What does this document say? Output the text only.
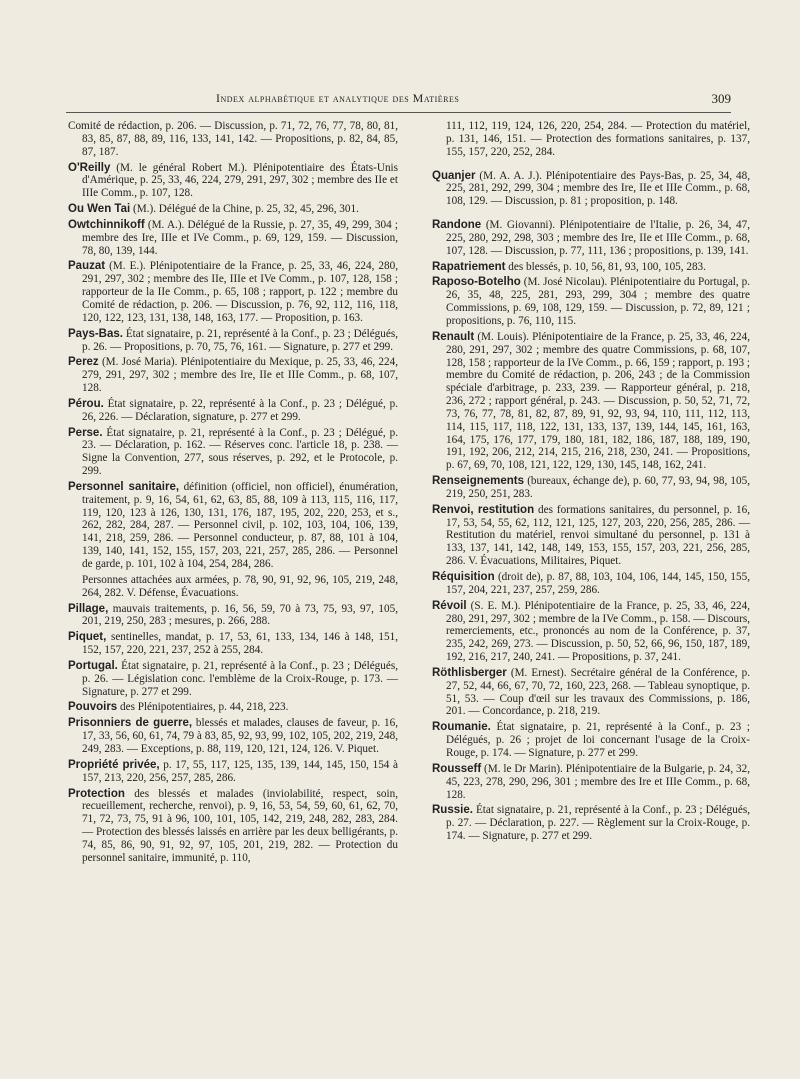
Index alphabétique et analytique des Matières	309

Comité de rédaction, p. 206. — Discussion, p. 71, 72, 76, 77, 78, 80, 81, 83, 85, 87, 88, 89, 116, 133, 141, 142. — Propositions, p. 82, 84, 85, 87, 187.

O'Reilly (M. le général Robert M.). Plénipotentiaire des États-Unis d'Amérique, p. 25, 33, 46, 224, 279, 291, 297, 302 ; membre des IIe et IIIe Comm., p. 107, 128.

Ou Wen Tai (M.). Délégué de la Chine, p. 25, 32, 45, 296, 301.

Owtchinnikoff (M. A.). Délégué de la Russie, p. 27, 35, 49, 299, 304 ; membre des Ire, IIIe et IVe Comm., p. 69, 129, 159. — Discussion, 78, 80, 139, 144.

Pauzat (M. E.). Plénipotentiaire de la France, p. 25, 33, 46, 224, 280, 291, 297, 302 ; membre des IIe, IIIe et IVe Comm., p. 107, 128, 158 ; rapporteur de la IIe Comm., p. 65, 108 ; rapport, p. 122 ; membre du Comité de rédaction, p. 206. — Discussion, p. 76, 92, 112, 116, 118, 120, 122, 123, 131, 138, 148, 163, 177. — Proposition, p. 163.

Pays-Bas. État signataire, p. 21, représenté à la Conf., p. 23 ; Délégués, p. 26. — Propositions, p. 70, 75, 76, 161. — Signature, p. 277 et 299.

Perez (M. José Maria). Plénipotentiaire du Mexique, p. 25, 33, 46, 224, 279, 291, 297, 302 ; membre des Ire, IIe et IIIe Comm., p. 68, 107, 128.

Pérou. État signataire, p. 22, représenté à la Conf., p. 23 ; Délégué, p. 26, 226. — Déclaration, signature, p. 277 et 299.

Perse. État signataire, p. 21, représenté à la Conf., p. 23 ; Délégué, p. 23. — Déclaration, p. 162. — Réserves conc. l'article 18, p. 238. — Signe la Convention, 277, sous réserves, p. 292, et le Protocole, p. 299.

Personnel sanitaire, définition (officiel, non officiel), énumération, traitement, p. 9, 16, 54, 61, 62, 63, 85, 88, 109 à 113, 115, 116, 117, 119, 120, 123 à 126, 130, 131, 176, 187, 195, 202, 220, 253, et s., 262, 282, 284, 287. — Personnel civil, p. 102, 103, 104, 106, 139, 141, 218, 259, 286. — Personnel conducteur, p. 87, 88, 101 à 104, 139, 140, 141, 152, 155, 157, 203, 221, 257, 285, 286. — Personnel de garde, p. 101, 102 à 104, 254, 284, 286.

Personnes attachées aux armées, p. 78, 90, 91, 92, 96, 105, 219, 248, 264, 282. V. Défense, Évacuations.

Pillage, mauvais traitements, p. 16, 56, 59, 70 à 73, 75, 93, 97, 105, 201, 219, 250, 283 ; mesures, p. 266, 288.

Piquet, sentinelles, mandat, p. 17, 53, 61, 133, 134, 146 à 148, 151, 152, 157, 220, 221, 237, 252 à 255, 284.

Portugal. État signataire, p. 21, représenté à la Conf., p. 23 ; Délégués, p. 26. — Législation conc. l'emblème de la Croix-Rouge, p. 173. — Signature, p. 277 et 299.

Pouvoirs des Plénipotentiaires, p. 44, 218, 223.

Prisonniers de guerre, blessés et malades, clauses de faveur, p. 16, 17, 33, 56, 60, 61, 74, 79 à 83, 85, 92, 93, 99, 102, 105, 202, 219, 248, 249, 283. — Exceptions, p. 88, 119, 120, 121, 124, 126. V. Piquet.

Propriété privée, p. 17, 55, 117, 125, 135, 139, 144, 145, 150, 154 à 157, 213, 220, 256, 257, 285, 286.

Protection des blessés et malades (inviolabilité, respect, soin, recueillement, recherche, renvoi), p. 9, 16, 53, 54, 59, 60, 61, 62, 70, 71, 72, 73, 75, 91 à 96, 100, 101, 105, 142, 219, 248, 282, 283, 284. — Protection des blessés laissés en arrière par les deux belligérants, p. 74, 85, 86, 90, 91, 92, 97, 105, 201, 219, 282. — Protection du personnel sanitaire, immunité, p. 110,

111, 112, 119, 124, 126, 220, 254, 284. — Protection du matériel, p. 131, 146, 151. — Protection des formations sanitaires, p. 137, 155, 157, 220, 252, 284.

Quanjer (M. A. A. J.). Plénipotentiaire des Pays-Bas, p. 25, 34, 48, 225, 281, 292, 299, 304 ; membre des Ire, IIe et IIIe Comm., p. 68, 108, 129. — Discussion, p. 81 ; proposition, p. 148.

Randone (M. Giovanni). Plénipotentiaire de l'Italie, p. 26, 34, 47, 225, 280, 292, 298, 303 ; membre des Ire, IIe et IIIe Comm., p. 68, 107, 128. — Discussion, p. 77, 111, 136 ; propositions, p. 139, 141.

Rapatriement des blessés, p. 10, 56, 81, 93, 100, 105, 283.

Raposo-Botelho (M. José Nicolau). Plénipotentiaire du Portugal, p. 26, 35, 48, 225, 281, 293, 299, 304 ; membre des quatre Commissions, p. 69, 108, 129, 159. — Discussion, p. 72, 89, 121 ; propositions, p. 76, 110, 115.

Renault (M. Louis). Plénipotentiaire de la France, p. 25, 33, 46, 224, 280, 291, 297, 302 ; membre des quatre Commissions, p. 68, 107, 128, 158 ; rapporteur de la IVe Comm., p. 66, 159 ; rapport, p. 193 ; membre du Comité de rédaction, p. 206, 243 ; de la Commission spéciale d'arbitrage, p. 233, 239. — Rapporteur général, p. 218, 236, 272 ; rapport général, p. 243. — Discussion, p. 50, 52, 71, 72, 73, 76, 77, 78, 81, 82, 87, 89, 91, 92, 93, 94, 110, 111, 112, 113, 114, 115, 117, 118, 122, 131, 133, 137, 139, 144, 145, 161, 163, 164, 175, 176, 177, 179, 180, 181, 182, 186, 187, 188, 189, 190, 191, 192, 206, 212, 214, 215, 216, 218, 230, 241. — Propositions, p. 67, 69, 70, 108, 121, 122, 129, 130, 145, 148, 162, 241.

Renseignements (bureaux, échange de), p. 60, 77, 93, 94, 98, 105, 219, 250, 251, 283.

Renvoi, restitution des formations sanitaires, du personnel, p. 16, 17, 53, 54, 55, 62, 112, 121, 125, 127, 203, 220, 256, 285, 286. — Restitution du matériel, renvoi simultané du personnel, p. 131 à 133, 137, 141, 142, 148, 149, 153, 155, 157, 203, 221, 256, 285, 286. V. Évacuations, Militaires, Piquet.

Réquisition (droit de), p. 87, 88, 103, 104, 106, 144, 145, 150, 155, 157, 204, 221, 237, 257, 259, 286.

Révoil (S. E. M.). Plénipotentiaire de la France, p. 25, 33, 46, 224, 280, 291, 297, 302 ; membre de la IVe Comm., p. 158. — Discours, remerciements, etc., prononcés au nom de la Conférence, p. 37, 235, 242, 269, 273. — Discussion, p. 50, 52, 66, 96, 150, 187, 189, 192, 216, 217, 240, 241. — Propositions, p. 37, 241.

Röthlisberger (M. Ernest). Secrétaire général de la Conférence, p. 27, 52, 44, 66, 67, 70, 72, 160, 223, 268. — Tableau synoptique, p. 51, 53. — Coup d'œil sur les travaux des Commissions, p. 186, 201. — Concordance, p. 218, 219.

Roumanie. État signataire, p. 21, représenté à la Conf., p. 23 ; Délégués, p. 26 ; projet de loi concernant l'usage de la Croix-Rouge, p. 174. — Signature, p. 277 et 299.

Rousseff (M. le Dr Marin). Plénipotentiaire de la Bulgarie, p. 24, 32, 45, 223, 278, 290, 296, 301 ; membre des Ire et IIIe Comm., p. 68, 128.

Russie. État signataire, p. 21, représenté à la Conf., p. 23 ; Délégués, p. 27. — Déclaration, p. 227. — Règlement sur la Croix-Rouge, p. 174. — Signature, p. 277 et 299.
